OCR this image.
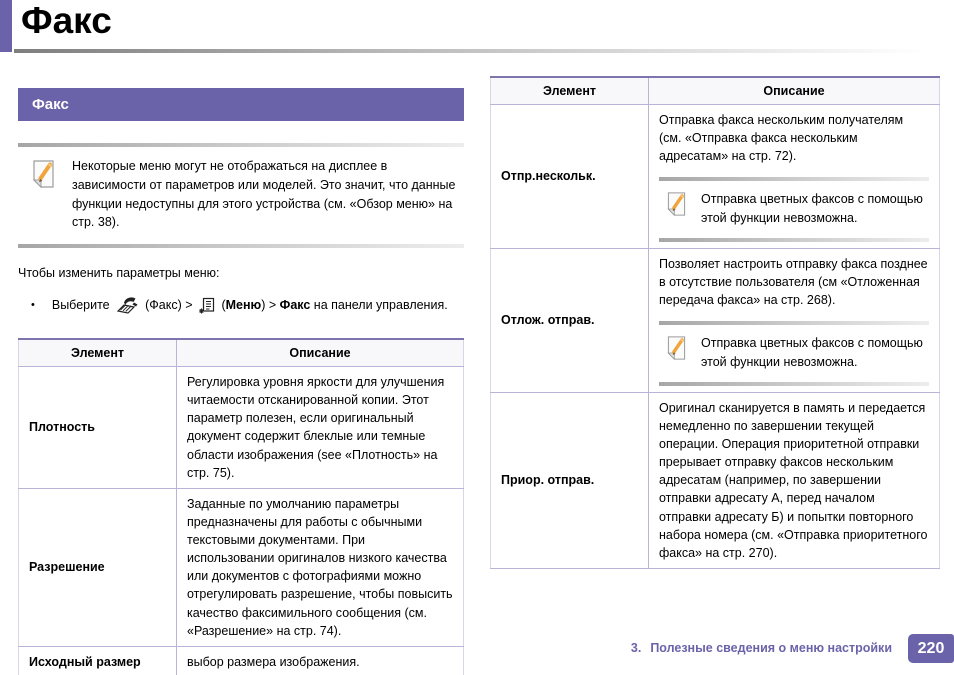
Факс
Факс
Некоторые меню могут не отображаться на дисплее в зависимости от параметров или моделей. Это значит, что данные функции недоступны для этого устройства (см. «Обзор меню» на стр. 38).
Чтобы изменить параметры меню:
• Выберите	(Факс) > ( Меню ) > Факс на панели управления.
Элемент	Описание
Плотность	Регулировка уровня яркости для улучшения читаемости отсканированной копии. Этот параметр полезен, если оригинальный документ содержит блеклые или темные области изображения (see «Плотность» на стр. 75).
Разрешение	Заданные по умолчанию параметры предназначены для работы с обычными текстовыми документами. При использовании оригиналов низкого качества или документов с фотографиями можно отрегулировать разрешение, чтобы повысить качество факсимильного сообщения (см. «Разрешение» на стр. 74).
Исходный размер	выбор размера изображения.
Элемент	Описание
Отпр.нескольк.	Отправка факса нескольким получателям (см. «Отправка факса нескольким адресатам» на стр. 72).
Отправка цветных факсов с помощью этой функции невозможна.

Отлож. отправ.	Позволяет настроить отправку факса позднее в отсутствие пользователя (см «Отложенная передача факса» на стр. 268).
Отправка цветных факсов с помощью этой функции невозможна.

Приор. отправ.	Оригинал сканируется в память и передается немедленно по завершении текущей операции. Операция приоритетной отправки прерывает отправку факсов нескольким адресатам (например, по завершении отправки адресату А, перед началом отправки адресату Б) и попытки повторного набора номера (см. «Отправка приоритетного факса» на стр. 270).
3. Полезные сведения о меню настройки	220
